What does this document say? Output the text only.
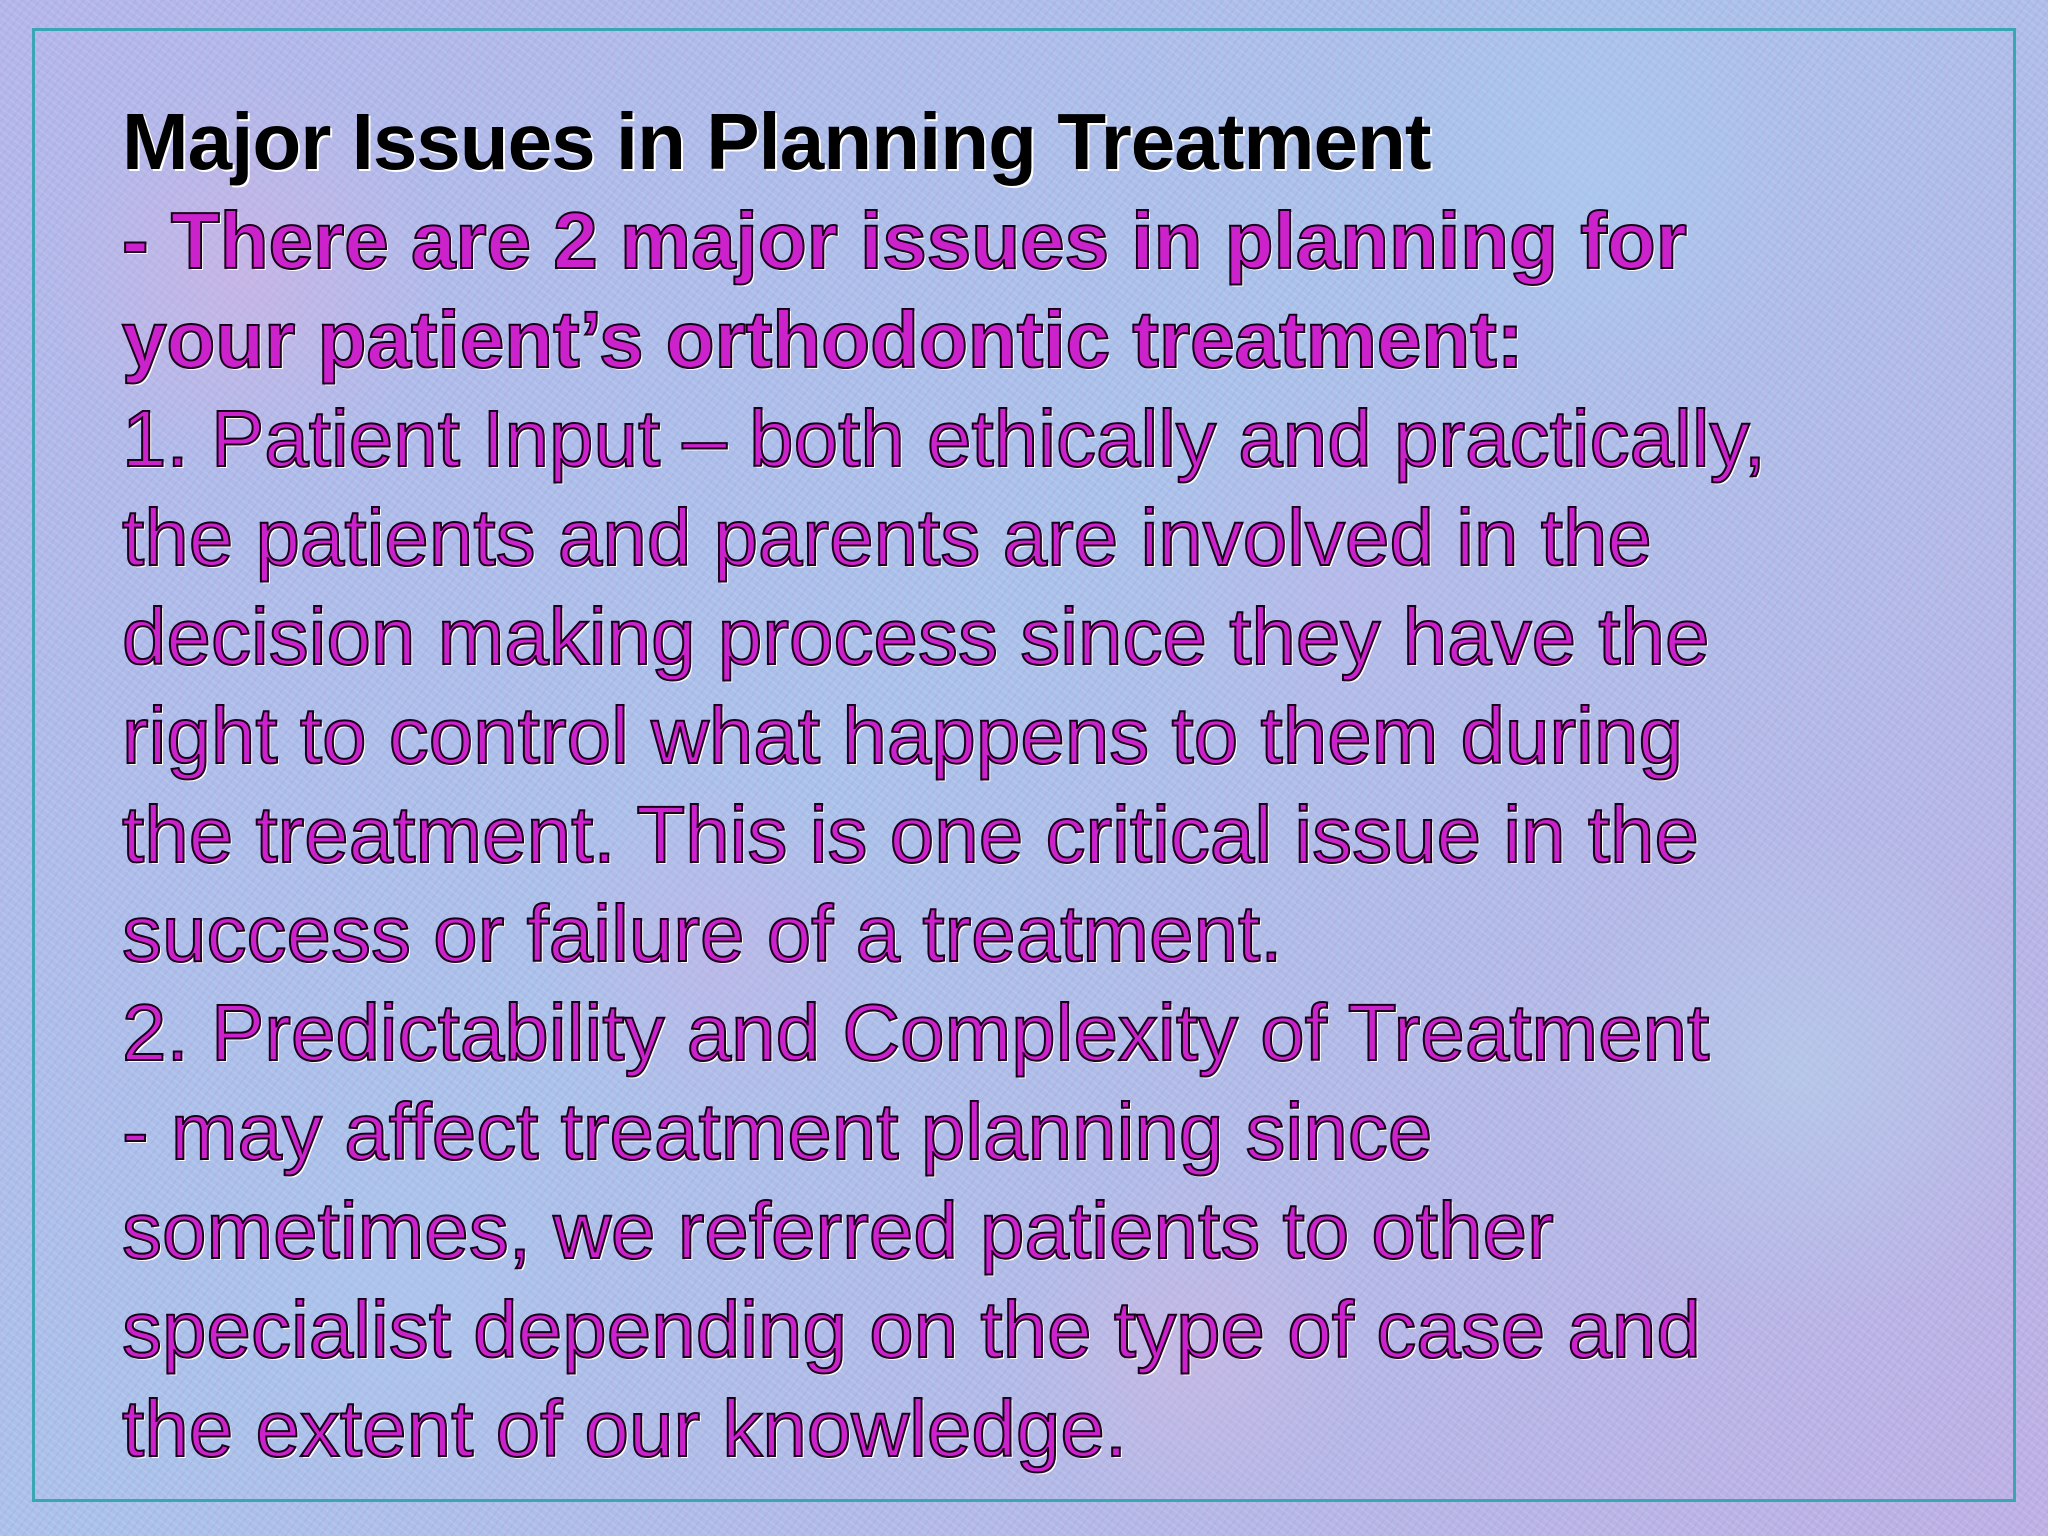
Major Issues in Planning Treatment
- There are 2 major issues in planning for
your patient’s orthodontic treatment:
1. Patient Input – both ethically and practically,
the patients and parents are involved in the
decision making process since they have the
right to control what happens to them during
the treatment. This is one critical issue in the
success or failure of a treatment.
2. Predictability and Complexity of Treatment
- may affect treatment planning since
sometimes, we referred patients to other
specialist depending on the type of case and
the extent of our knowledge.
